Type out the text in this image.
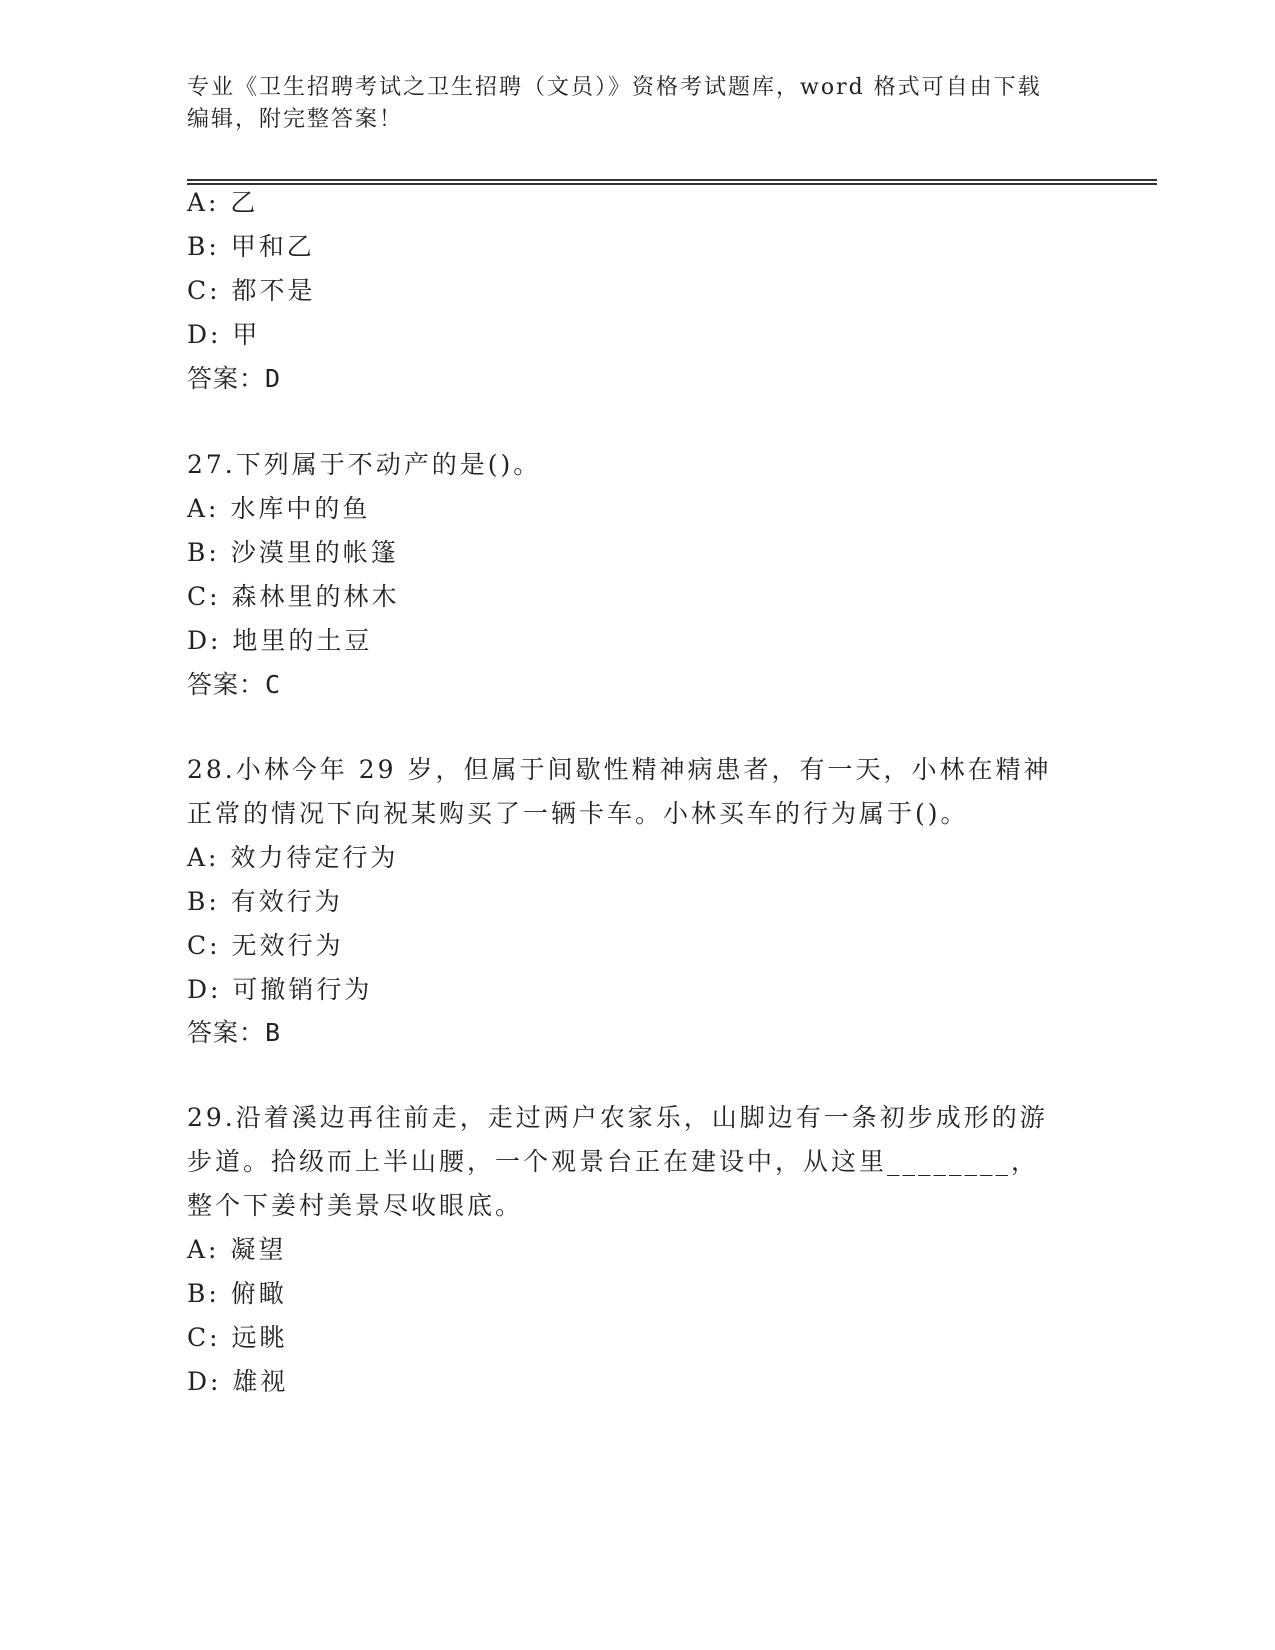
专业《卫生招聘考试之卫生招聘（文员）》资格考试题库，word 格式可自由下载
编辑，附完整答案！
A: 乙
B: 甲和乙
C: 都不是
D: 甲
答案：D
27.下列属于不动产的是()。
A: 水库中的鱼
B: 沙漠里的帐篷
C: 森林里的林木
D: 地里的土豆
答案：C
28.小林今年 29 岁，但属于间歇性精神病患者，有一天，小林在精神
正常的情况下向祝某购买了一辆卡车。小林买车的行为属于()。
A: 效力待定行为
B: 有效行为
C: 无效行为
D: 可撤销行为
答案：B
29.沿着溪边再往前走，走过两户农家乐，山脚边有一条初步成形的游
步道。拾级而上半山腰，一个观景台正在建设中，从这里________，
整个下姜村美景尽收眼底。
A: 凝望
B: 俯瞰
C: 远眺
D: 雄视
